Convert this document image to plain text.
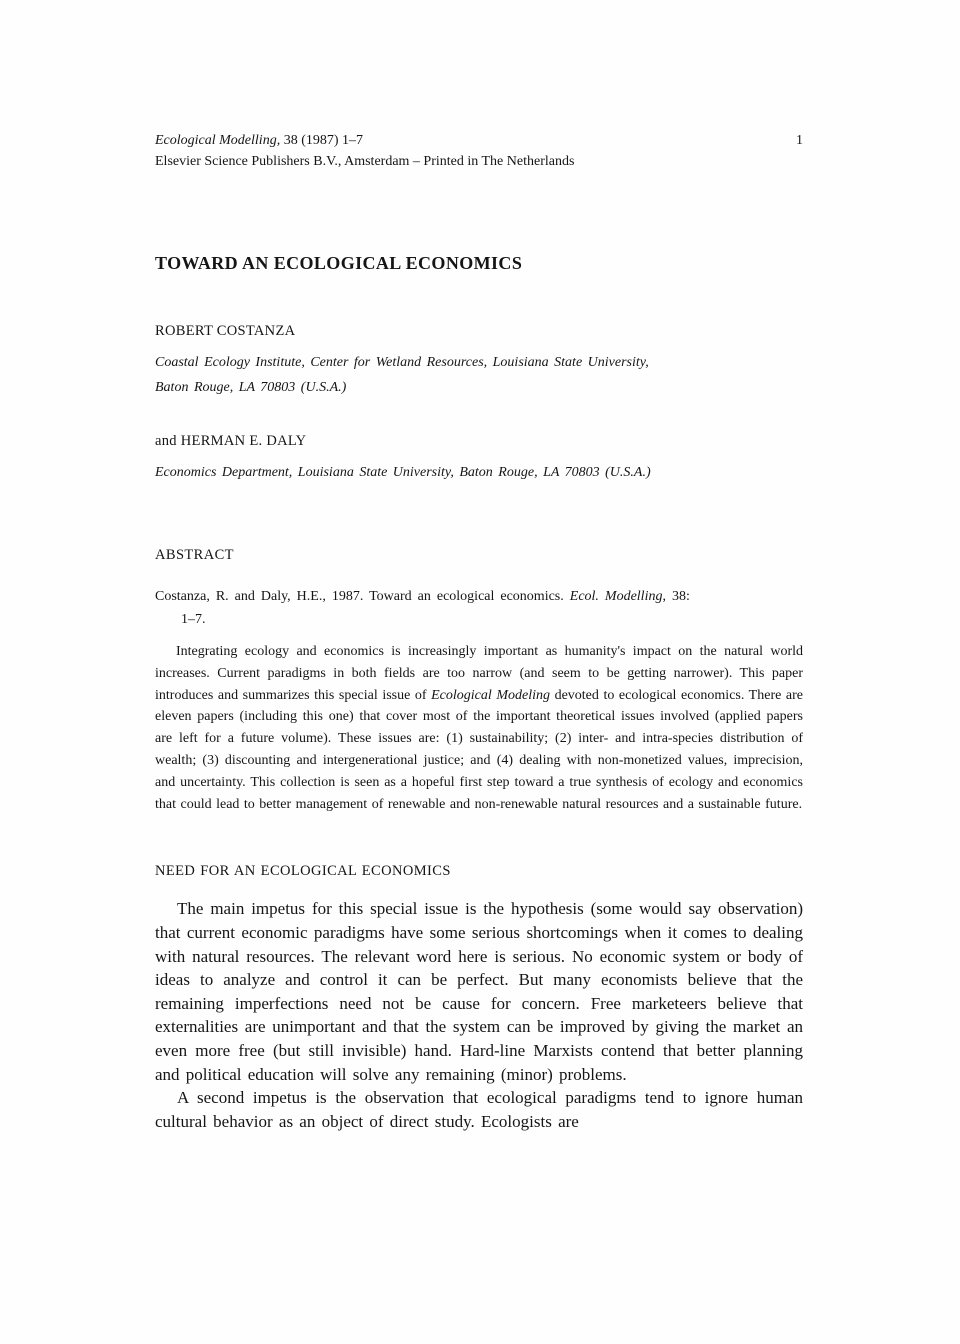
Ecological Modelling, 38 (1987) 1–7	1
Elsevier Science Publishers B.V., Amsterdam – Printed in The Netherlands
TOWARD AN ECOLOGICAL ECONOMICS
ROBERT COSTANZA
Coastal Ecology Institute, Center for Wetland Resources, Louisiana State University,
Baton Rouge, LA 70803 (U.S.A.)
and HERMAN E. DALY
Economics Department, Louisiana State University, Baton Rouge, LA 70803 (U.S.A.)
ABSTRACT
Costanza, R. and Daly, H.E., 1987. Toward an ecological economics. Ecol. Modelling, 38:
1–7.

Integrating ecology and economics is increasingly important as humanity's impact on the natural world increases. Current paradigms in both fields are too narrow (and seem to be getting narrower). This paper introduces and summarizes this special issue of Ecological Modeling devoted to ecological economics. There are eleven papers (including this one) that cover most of the important theoretical issues involved (applied papers are left for a future volume). These issues are: (1) sustainability; (2) inter- and intra-species distribution of wealth; (3) discounting and intergenerational justice; and (4) dealing with non-monetized values, imprecision, and uncertainty. This collection is seen as a hopeful first step toward a true synthesis of ecology and economics that could lead to better management of renewable and non-renewable natural resources and a sustainable future.

NEED FOR AN ECOLOGICAL ECONOMICS

The main impetus for this special issue is the hypothesis (some would say observation) that current economic paradigms have some serious shortcomings when it comes to dealing with natural resources. The relevant word here is serious. No economic system or body of ideas to analyze and control it can be perfect. But many economists believe that the remaining imperfections need not be cause for concern. Free marketeers believe that externalities are unimportant and that the system can be improved by giving the market an even more free (but still invisible) hand. Hard-line Marxists contend that better planning and political education will solve any remaining (minor) problems.

A second impetus is the observation that ecological paradigms tend to ignore human cultural behavior as an object of direct study. Ecologists are
